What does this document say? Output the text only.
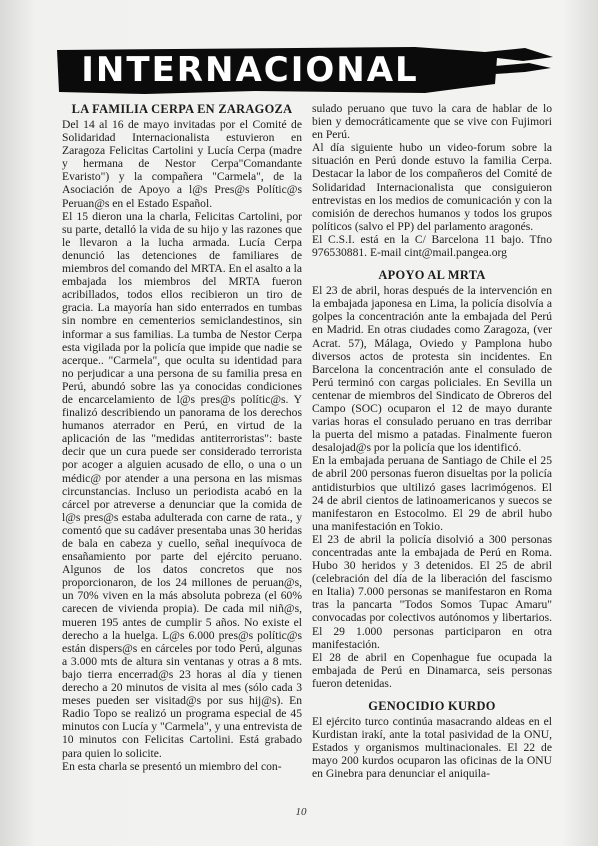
INTERNACIONAL
LA FAMILIA CERPA EN ZARAGOZA

Del 14 al 16 de mayo invitadas por el Comité de Solidaridad Internacionalista estuvieron en Zaragoza Felicitas Cartolini y Lucía Cerpa (madre y hermana de Nestor Cerpa"Comandante Evaristo") y la compañera "Carmela", de la Asociación de Apoyo a l@s Pres@s Polític@s Peruan@s en el Estado Español.

El 15 dieron una la charla, Felicitas Cartolini, por su parte, detalló la vida de su hijo y las razones que le llevaron a la lucha armada. Lucía Cerpa denunció las detenciones de familiares de miembros del comando del MRTA. En el asalto a la embajada los miembros del MRTA fueron acribillados, todos ellos recibieron un tiro de gracia. La mayoría han sido enterrados en tumbas sin nombre en cementerios semiclandestinos, sin informar a sus familias. La tumba de Nestor Cerpa esta vigilada por la policía que impide que nadie se acerque.. "Carmela", que oculta su identidad para no perjudicar a una persona de su familia presa en Perú, abundó sobre las ya conocidas condiciones de encarcelamiento de l@s pres@s polític@s. Y finalizó describiendo un panorama de los derechos humanos aterrador en Perú, en virtud de la aplicación de las "medidas antiterroristas": baste decir que un cura puede ser considerado terrorista por acoger a alguien acusado de ello, o una o un médic@ por atender a una persona en las mismas circunstancias. Incluso un periodista acabó en la cárcel por atreverse a denunciar que la comida de l@s pres@s estaba adulterada con carne de rata., y comentó que su cadáver presentaba unas 30 heridas de bala en cabeza y cuello, señal inequívoca de ensañamiento por parte del ejército peruano. Algunos de los datos concretos que nos proporcionaron, de los 24 millones de peruan@s, un 70% viven en la más absoluta pobreza (el 60% carecen de vivienda propia). De cada mil niñ@s, mueren 195 antes de cumplir 5 años. No existe el derecho a la huelga. L@s 6.000 pres@s polític@s están dispers@s en cárceles por todo Perú, algunas a 3.000 mts de altura sin ventanas y otras a 8 mts. bajo tierra encerrad@s 23 horas al día y tienen derecho a 20 minutos de visita al mes (sólo cada 3 meses pueden ser visitad@s por sus hij@s). En Radio Topo se realizó un programa especial de 45 minutos con Lucía y "Carmela", y una entrevista de 10 minutos con Felicitas Cartolini. Está grabado para quien lo solicite.

En esta charla se presentó un miembro del con-

sulado peruano que tuvo la cara de hablar de lo bien y democráticamente que se vive con Fujimori en Perú.

Al día siguiente hubo un video-forum sobre la situación en Perú donde estuvo la familia Cerpa. Destacar la labor de los compañeros del Comité de Solidaridad Internacionalista que consiguieron entrevistas en los medios de comunicación y con la comisión de derechos humanos y todos los grupos políticos (salvo el PP) del parlamento aragonés.

El C.S.I. está en la C/ Barcelona 11 bajo. Tfno 976530881. E-mail cint@mail.pangea.org

APOYO AL MRTA

El 23 de abril, horas después de la intervención en la embajada japonesa en Lima, la policía disolvía a golpes la concentración ante la embajada del Perú en Madrid. En otras ciudades como Zaragoza, (ver Acrat. 57), Málaga, Oviedo y Pamplona hubo diversos actos de protesta sin incidentes. En Barcelona la concentración ante el consulado de Perú terminó con cargas policiales. En Sevilla un centenar de miembros del Sindicato de Obreros del Campo (SOC) ocuparon el 12 de mayo durante varias horas el consulado peruano en tras derribar la puerta del mismo a patadas. Finalmente fueron desalojad@s por la policía que los identificó.

En la embajada peruana de Santiago de Chile el 25 de abril 200 personas fueron disueltas por la policía antidisturbios que ultilizó gases lacrimógenos. El 24 de abril cientos de latinoamericanos y suecos se manifestaron en Estocolmo. El 29 de abril hubo una manifestación en Tokio.

El 23 de abril la policía disolvió a 300 personas concentradas ante la embajada de Perú en Roma. Hubo 30 heridos y 3 detenidos. El 25 de abril (celebración del día de la liberación del fascismo en Italia) 7.000 personas se manifestaron en Roma tras la pancarta "Todos Somos Tupac Amaru" convocadas por colectivos autónomos y libertarios. El 29 1.000 personas participaron en otra manifestación.

El 28 de abril en Copenhague fue ocupada la embajada de Perú en Dinamarca, seis personas fueron detenidas.

GENOCIDIO KURDO

El ejército turco continúa masacrando aldeas en el Kurdistan irakí, ante la total pasividad de la ONU, Estados y organismos multinacionales. El 22 de mayo 200 kurdos ocuparon las oficinas de la ONU en Ginebra para denunciar el aniquila-

10
